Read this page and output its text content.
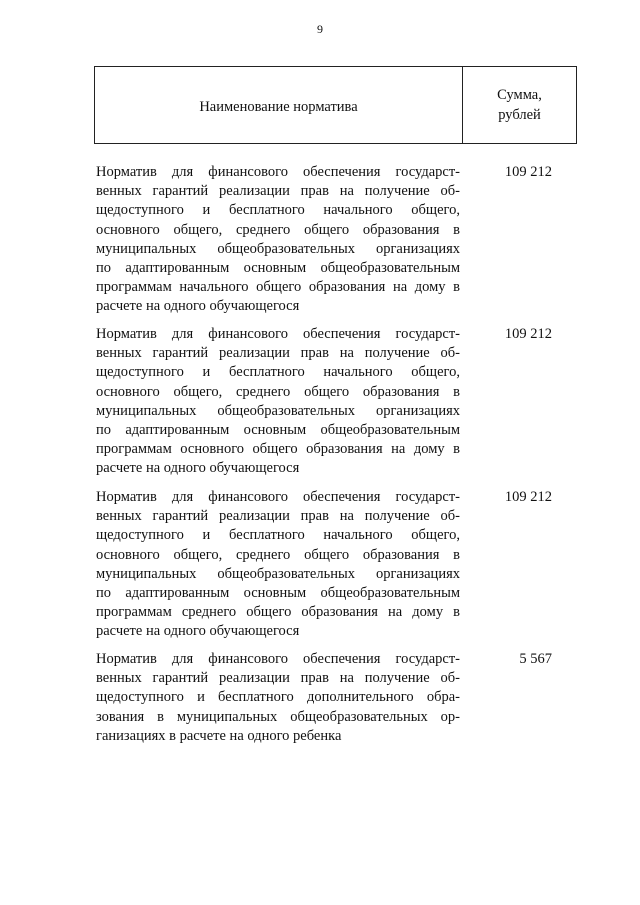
9
Наименование норматива
Сумма,
рублей
Норматив для финансового обеспечения государст-
венных гарантий реализации прав на получение об-
щедоступного и бесплатного начального общего,
основного общего, среднего общего образования в
муниципальных общеобразовательных организациях
по адаптированным основным общеобразовательным
программам начального общего образования на дому в
расчете на одного обучающегося
109 212
Норматив для финансового обеспечения государст-
венных гарантий реализации прав на получение об-
щедоступного и бесплатного начального общего,
основного общего, среднего общего образования в
муниципальных общеобразовательных организациях
по адаптированным основным общеобразовательным
программам основного общего образования на дому в
расчете на одного обучающегося
109 212
Норматив для финансового обеспечения государст-
венных гарантий реализации прав на получение об-
щедоступного и бесплатного начального общего,
основного общего, среднего общего образования в
муниципальных общеобразовательных организациях
по адаптированным основным общеобразовательным
программам среднего общего образования на дому в
расчете на одного обучающегося
109 212
Норматив для финансового обеспечения государст-
венных гарантий реализации прав на получение об-
щедоступного и бесплатного дополнительного обра-
зования в муниципальных общеобразовательных ор-
ганизациях в расчете на одного ребенка
5 567
